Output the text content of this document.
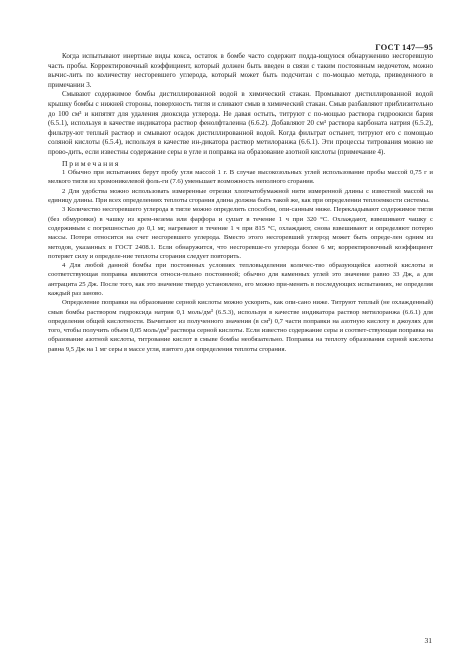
ГОСТ 147—95

Когда испытывают инертные виды кокса, остаток в бомбе часто содержит подда-ющуюся обнаружению несгоревшую часть пробы. Корректировочный коэффициент, который должен быть введен в связи с таким постоянным недочетом, можно вычис-лить по количеству несгоревшего углерода, который может быть подсчитан с по-мощью метода, приведенного в примечании 3.

Смывают содержимое бомбы дистиллированной водой в химический стакан. Промывают дистиллированной водой крышку бомбы с нижней стороны, поверхность тигля и сливают смыв в химический стакан. Смыв разбавляют приблизительно до 100 см³ и кипятят для удаления диоксида углерода. Не давая остыть, титруют с по-мощью раствора гидроокиси бария (6.5.1), используя в качестве индикатора раствор фенолфталеина (6.6.2). Добавляют 20 см³ раствора карбоната натрия (6.5.2), фильтру-ют теплый раствор и смывают осадок дистиллированной водой. Когда фильтрат остынет, титруют его с помощью соляной кислоты (6.5.4), используя в качестве ин-дикатора раствор метилоранжа (6.6.1). Эти процессы титрования можно не прово-дить, если известны содержание серы в угле и поправка на образование азотной кислоты (примечание 4).

Примечания

1 Обычно при испытаниях берут пробу угля массой 1 г. В случае высокозольных углей использование пробы массой 0,75 г и мелкого тигля из хромоникелевой фоль-ги (7.6) уменьшает возможность неполного сгорания.

2 Для удобства можно использовать измеренные отрезки хлопчатобумажной нити измеренной длины с известной массой на единицу длины. При всех определениях теплоты сгорания длина должна быть такой же, как при определении теплоемкости системы.

3 Количество несгоревшего углерода в тигле можно определить способом, опи-санным ниже. Перекладывают содержимое тигля (без обмуровки) в чашку из крем-незема или фарфора и сушат в течение 1 ч при 320 °С. Охлаждают, взвешивают чашку с содержимым с погрешностью до 0,1 мг, нагревают в течение 1 ч при 815 °С, охлаждают, снова взвешивают и определяют потерю массы. Потеря относится на счет несгоревшего углерода. Вместо этого несгоревший углерод может быть опреде-лен одним из методов, указанных в ГОСТ 2408.1. Если обнаружится, что несгоревше-го углерода более 6 мг, корректировочный коэффициент потеряет силу и определе-ние теплоты сгорания следует повторить.

4 Для любой данной бомбы при постоянных условиях тепловыделения количес-тво образующейся азотной кислоты и соответствующая поправка являются относи-тельно постоянной; обычно для каменных углей это значение равно 33 Дж, а для антрацита 25 Дж. После того, как это значение твердо установлено, его можно при-менять в последующих испытаниях, не определяя каждый раз заново.

Определение поправки на образование серной кислоты можно ускорить, как опи-сано ниже. Титруют теплый (не охлажденный) смыв бомбы раствором гидроксида натрия 0,1 моль/дм³ (6.5.3), используя в качестве индикатора раствор метилоранжа (6.6.1) для определения общей кислотности. Вычитают из полученного значения (в см³) 0,7 части поправки на азотную кислоту в джоулях для того, чтобы получить объем 0,05 моль/дм³ раствора серной кислоты. Если известно содержание серы и соответ-ствующая поправка на образование азотной кислоты, титрование кислот в смыве бомбы необязательно. Поправка на теплоту образования серной кислоты равна 9,5 Дж на 1 мг серы в массе угля, взятого для определения теплоты сгорания.

31
